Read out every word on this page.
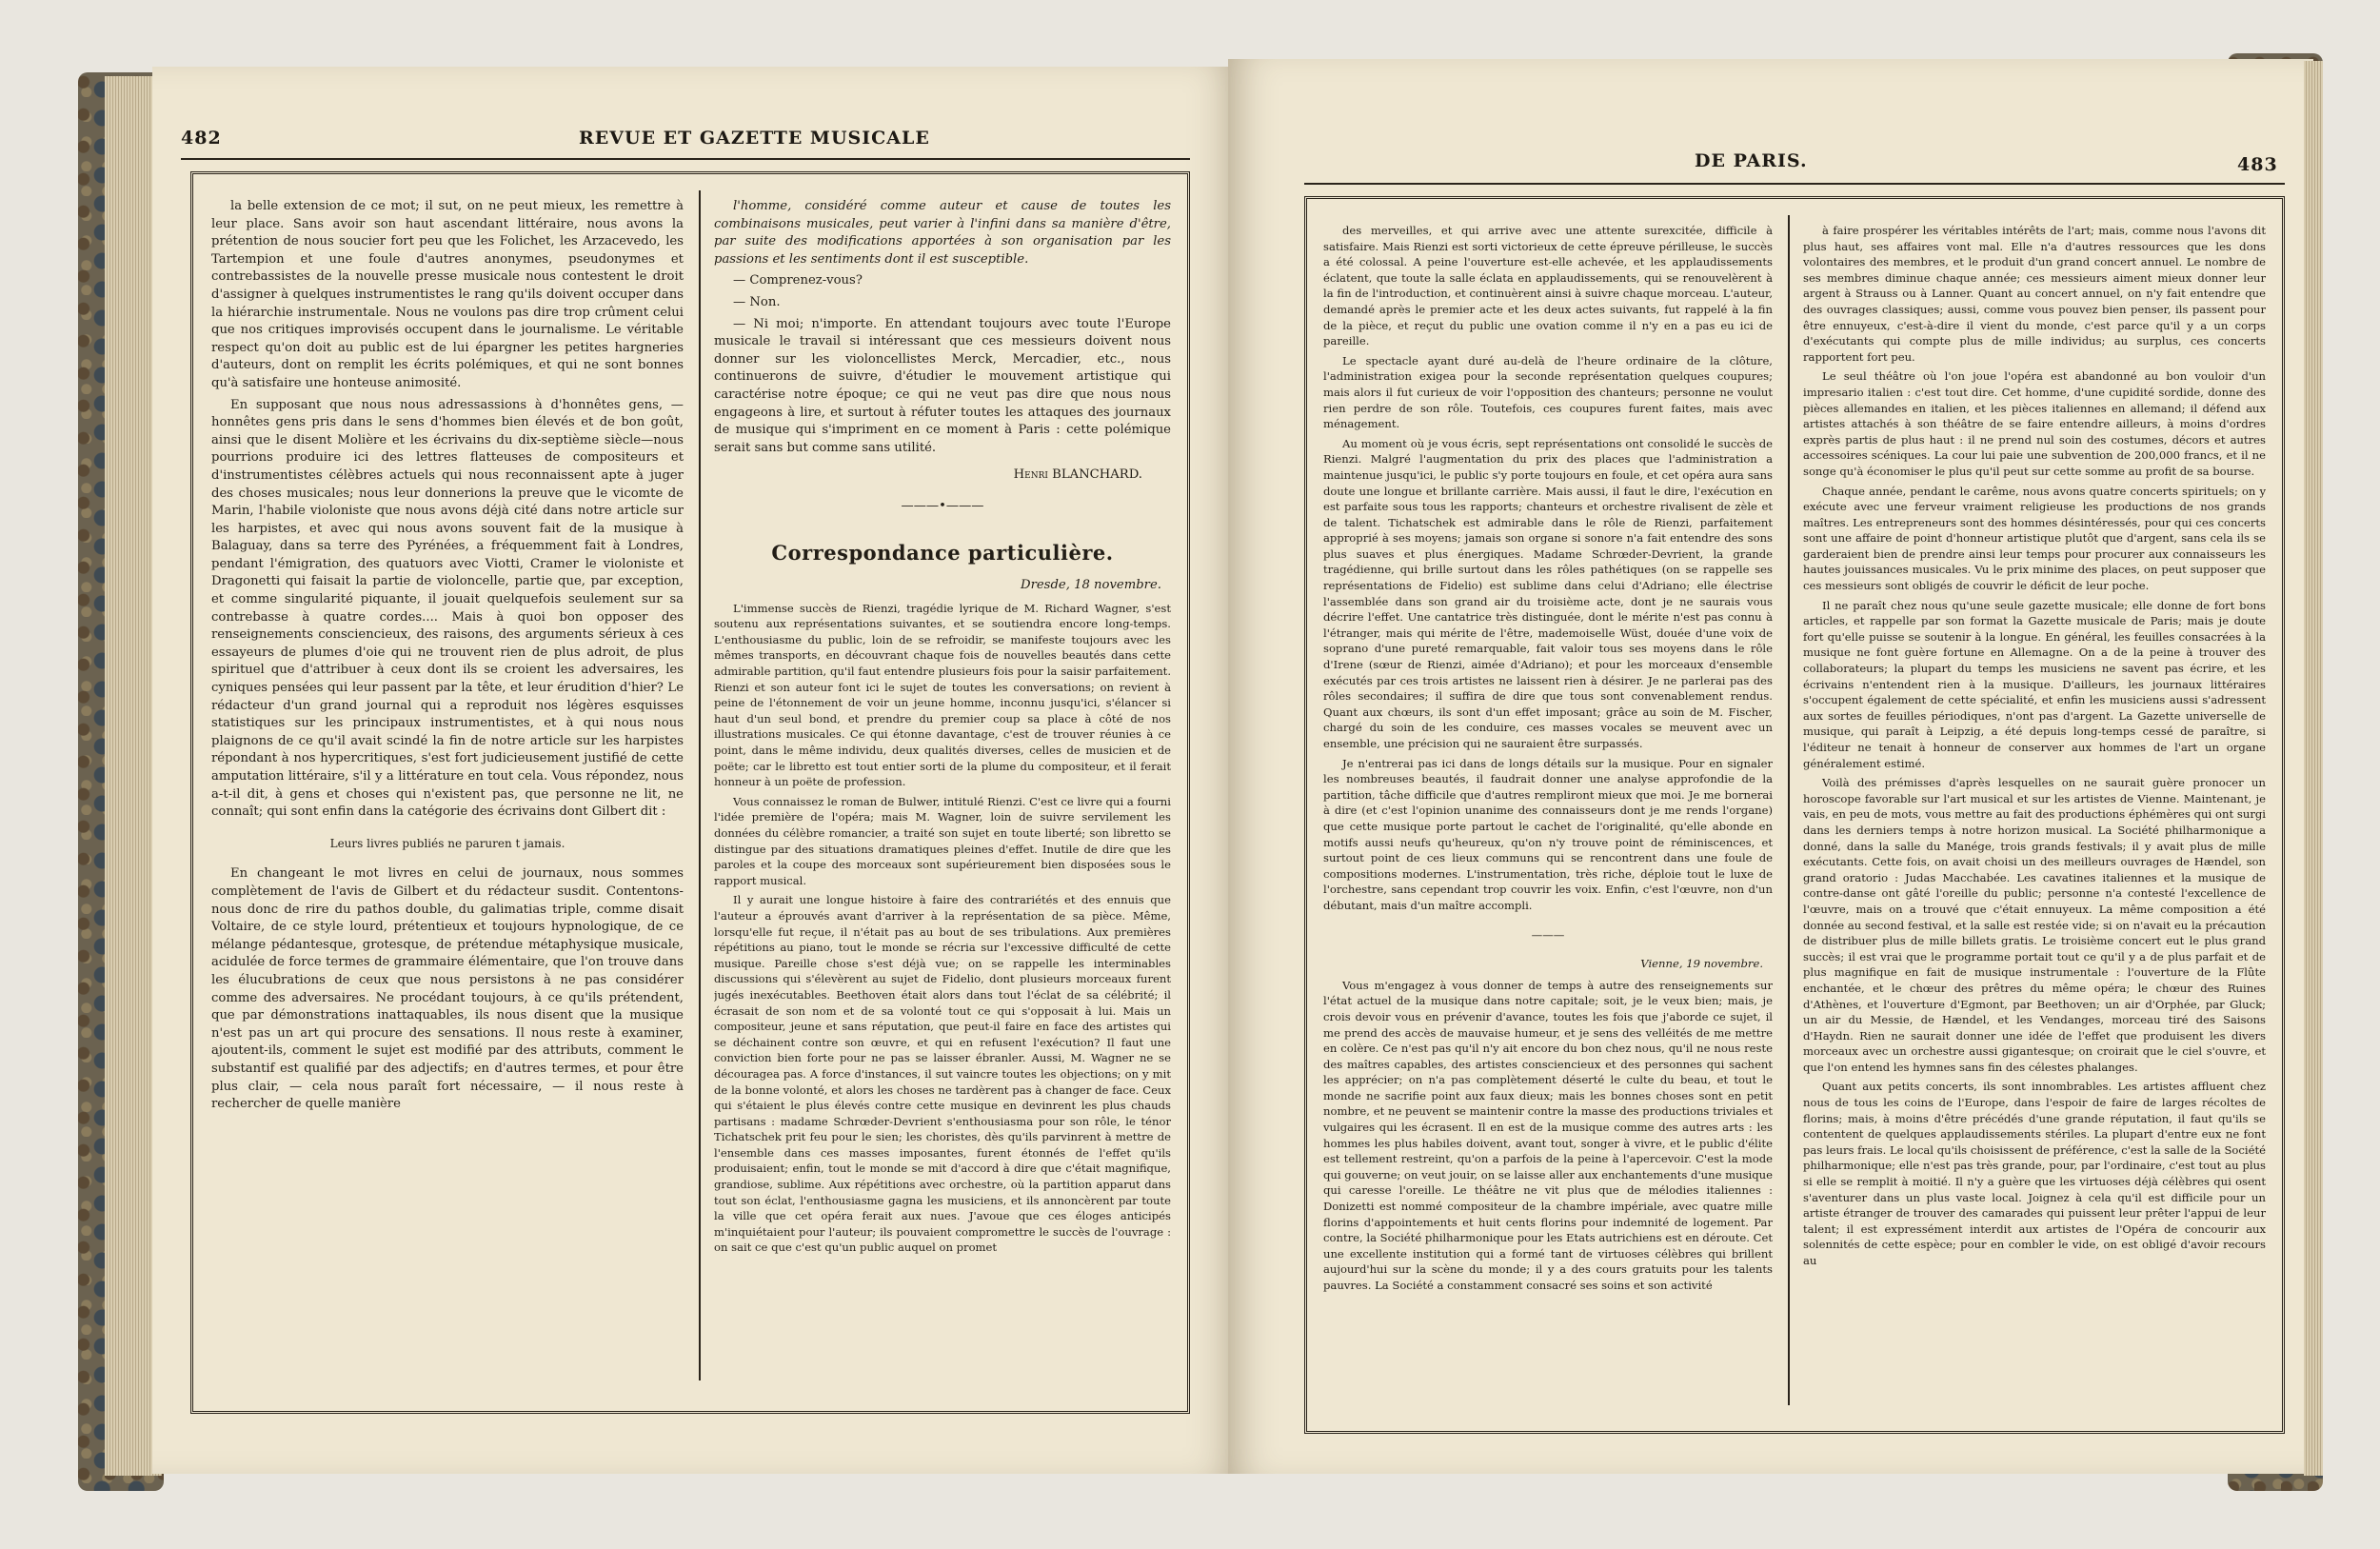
482	REVUE ET GAZETTE MUSICALE

la belle extension de ce mot; il sut, on ne peut mieux, les remettre à leur place. Sans avoir son haut ascendant littéraire, nous avons la prétention de nous soucier fort peu que les Folichet, les Arzacevedo, les Tartempion et une foule d'autres anonymes, pseudonymes et contrebassistes de la nouvelle presse musicale nous contestent le droit d'assigner à quelques instrumentistes le rang qu'ils doivent occuper dans la hiérarchie instrumentale. Nous ne voulons pas dire trop crûment celui que nos critiques improvisés occupent dans le journalisme. Le véritable respect qu'on doit au public est de lui épargner les petites hargneries d'auteurs, dont on remplit les écrits polémiques, et qui ne sont bonnes qu'à satisfaire une honteuse animosité.

En supposant que nous nous adressassions à d'honnêtes gens, — honnêtes gens pris dans le sens d'hommes bien élevés et de bon goût, ainsi que le disent Molière et les écrivains du dix-septième siècle—nous pourrions produire ici des lettres flatteuses de compositeurs et d'instrumentistes célèbres actuels qui nous reconnaissent apte à juger des choses musicales; nous leur donnerions la preuve que le vicomte de Marin, l'habile violoniste que nous avons déjà cité dans notre article sur les harpistes, et avec qui nous avons souvent fait de la musique à Balaguay, dans sa terre des Pyrénées, a fréquemment fait à Londres, pendant l'émigration, des quatuors avec Viotti, Cramer le violoniste et Dragonetti qui faisait la partie de violoncelle, partie que, par exception, et comme singularité piquante, il jouait quelquefois seulement sur sa contrebasse à quatre cordes.... Mais à quoi bon opposer des renseignements consciencieux, des raisons, des arguments sérieux à ces essayeurs de plumes d'oie qui ne trouvent rien de plus adroit, de plus spirituel que d'attribuer à ceux dont ils se croient les adversaires, les cyniques pensées qui leur passent par la tête, et leur érudition d'hier? Le rédacteur d'un grand journal qui a reproduit nos légères esquisses statistiques sur les principaux instrumentistes, et à qui nous nous plaignons de ce qu'il avait scindé la fin de notre article sur les harpistes répondant à nos hypercritiques, s'est fort judicieusement justifié de cette amputation littéraire, s'il y a littérature en tout cela. Vous répondez, nous a-t-il dit, à gens et choses qui n'existent pas, que personne ne lit, ne connaît; qui sont enfin dans la catégorie des écrivains dont Gilbert dit :

Leurs livres publiés ne paruren t jamais.

En changeant le mot livres en celui de journaux, nous sommes complètement de l'avis de Gilbert et du rédacteur susdit. Contentons-nous donc de rire du pathos double, du galimatias triple, comme disait Voltaire, de ce style lourd, prétentieux et toujours hypnologique, de ce mélange pédantesque, grotesque, de prétendue métaphysique musicale, acidulée de force termes de grammaire élémentaire, que l'on trouve dans les élucubrations de ceux que nous persistons à ne pas considérer comme des adversaires. Ne procédant toujours, à ce qu'ils prétendent, que par démonstrations inattaquables, ils nous disent que la musique n'est pas un art qui procure des sensations. Il nous reste à examiner, ajoutent-ils, comment le sujet est modifié par des attributs, comment le substantif est qualifié par des adjectifs; en d'autres termes, et pour être plus clair, — cela nous paraît fort nécessaire, — il nous reste à rechercher de quelle manière

l'homme, considéré comme auteur et cause de toutes les combinaisons musicales, peut varier à l'infini dans sa manière d'être, par suite des modifications apportées à son organisation par les passions et les sentiments dont il est susceptible.

— Comprenez-vous?

— Non.

— Ni moi; n'importe. En attendant toujours avec toute l'Europe musicale le travail si intéressant que ces messieurs doivent nous donner sur les violoncellistes Merck, Mercadier, etc., nous continuerons de suivre, d'étudier le mouvement artistique qui caractérise notre époque; ce qui ne veut pas dire que nous nous engageons à lire, et surtout à réfuter toutes les attaques des journaux de musique qui s'impriment en ce moment à Paris : cette polémique serait sans but comme sans utilité.

Henri BLANCHARD.
———•———
Correspondance particulière.
Dresde, 18 novembre.

L'immense succès de Rienzi, tragédie lyrique de M. Richard Wagner, s'est soutenu aux représentations suivantes, et se soutiendra encore long-temps. L'enthousiasme du public, loin de se refroidir, se manifeste toujours avec les mêmes transports, en découvrant chaque fois de nouvelles beautés dans cette admirable partition, qu'il faut entendre plusieurs fois pour la saisir parfaitement. Rienzi et son auteur font ici le sujet de toutes les conversations; on revient à peine de l'étonnement de voir un jeune homme, inconnu jusqu'ici, s'élancer si haut d'un seul bond, et prendre du premier coup sa place à côté de nos illustrations musicales. Ce qui étonne davantage, c'est de trouver réunies à ce point, dans le même individu, deux qualités diverses, celles de musicien et de poëte; car le libretto est tout entier sorti de la plume du compositeur, et il ferait honneur à un poëte de profession.

Vous connaissez le roman de Bulwer, intitulé Rienzi. C'est ce livre qui a fourni l'idée première de l'opéra; mais M. Wagner, loin de suivre servilement les données du célèbre romancier, a traité son sujet en toute liberté; son libretto se distingue par des situations dramatiques pleines d'effet. Inutile de dire que les paroles et la coupe des morceaux sont supérieurement bien disposées sous le rapport musical.

Il y aurait une longue histoire à faire des contrariétés et des ennuis que l'auteur a éprouvés avant d'arriver à la représentation de sa pièce. Même, lorsqu'elle fut reçue, il n'était pas au bout de ses tribulations. Aux premières répétitions au piano, tout le monde se récria sur l'excessive difficulté de cette musique. Pareille chose s'est déjà vue; on se rappelle les interminables discussions qui s'élevèrent au sujet de Fidelio, dont plusieurs morceaux furent jugés inexécutables. Beethoven était alors dans tout l'éclat de sa célébrité; il écrasait de son nom et de sa volonté tout ce qui s'opposait à lui. Mais un compositeur, jeune et sans réputation, que peut-il faire en face des artistes qui se déchainent contre son œuvre, et qui en refusent l'exécution? Il faut une conviction bien forte pour ne pas se laisser ébranler. Aussi, M. Wagner ne se découragea pas. A force d'instances, il sut vaincre toutes les objections; on y mit de la bonne volonté, et alors les choses ne tardèrent pas à changer de face. Ceux qui s'étaient le plus élevés contre cette musique en devinrent les plus chauds partisans : madame Schrœder-Devrient s'enthousiasma pour son rôle, le ténor Tichatschek prit feu pour le sien; les choristes, dès qu'ils parvinrent à mettre de l'ensemble dans ces masses imposantes, furent étonnés de l'effet qu'ils produisaient; enfin, tout le monde se mit d'accord à dire que c'était magnifique, grandiose, sublime. Aux répétitions avec orchestre, où la partition apparut dans tout son éclat, l'enthousiasme gagna les musiciens, et ils annoncèrent par toute la ville que cet opéra ferait aux nues. J'avoue que ces éloges anticipés m'inquiétaient pour l'auteur; ils pouvaient compromettre le succès de l'ouvrage : on sait ce que c'est qu'un public auquel on promet

DE PARIS.	483

des merveilles, et qui arrive avec une attente surexcitée, difficile à satisfaire. Mais Rienzi est sorti victorieux de cette épreuve périlleuse, le succès a été colossal. A peine l'ouverture est-elle achevée, et les applaudissements éclatent, que toute la salle éclata en applaudissements, qui se renouvelèrent à la fin de l'introduction, et continuèrent ainsi à suivre chaque morceau. L'auteur, demandé après le premier acte et les deux actes suivants, fut rappelé à la fin de la pièce, et reçut du public une ovation comme il n'y en a pas eu ici de pareille.

Le spectacle ayant duré au-delà de l'heure ordinaire de la clôture, l'administration exigea pour la seconde représentation quelques coupures; mais alors il fut curieux de voir l'opposition des chanteurs; personne ne voulut rien perdre de son rôle. Toutefois, ces coupures furent faites, mais avec ménagement.

Au moment où je vous écris, sept représentations ont consolidé le succès de Rienzi. Malgré l'augmentation du prix des places que l'administration a maintenue jusqu'ici, le public s'y porte toujours en foule, et cet opéra aura sans doute une longue et brillante carrière. Mais aussi, il faut le dire, l'exécution en est parfaite sous tous les rapports; chanteurs et orchestre rivalisent de zèle et de talent. Tichatschek est admirable dans le rôle de Rienzi, parfaitement approprié à ses moyens; jamais son organe si sonore n'a fait entendre des sons plus suaves et plus énergiques. Madame Schrœder-Devrient, la grande tragédienne, qui brille surtout dans les rôles pathétiques (on se rappelle ses représentations de Fidelio) est sublime dans celui d'Adriano; elle électrise l'assemblée dans son grand air du troisième acte, dont je ne saurais vous décrire l'effet. Une cantatrice très distinguée, dont le mérite n'est pas connu à l'étranger, mais qui mérite de l'être, mademoiselle Wüst, douée d'une voix de soprano d'une pureté remarquable, fait valoir tous ses moyens dans le rôle d'Irene (sœur de Rienzi, aimée d'Adriano); et pour les morceaux d'ensemble exécutés par ces trois artistes ne laissent rien à désirer. Je ne parlerai pas des rôles secondaires; il suffira de dire que tous sont convenablement rendus. Quant aux chœurs, ils sont d'un effet imposant; grâce au soin de M. Fischer, chargé du soin de les conduire, ces masses vocales se meuvent avec un ensemble, une précision qui ne sauraient être surpassés.

Je n'entrerai pas ici dans de longs détails sur la musique. Pour en signaler les nombreuses beautés, il faudrait donner une analyse approfondie de la partition, tâche difficile que d'autres rempliront mieux que moi. Je me bornerai à dire (et c'est l'opinion unanime des connaisseurs dont je me rends l'organe) que cette musique porte partout le cachet de l'originalité, qu'elle abonde en motifs aussi neufs qu'heureux, qu'on n'y trouve point de réminiscences, et surtout point de ces lieux communs qui se rencontrent dans une foule de compositions modernes. L'instrumentation, très riche, déploie tout le luxe de l'orchestre, sans cependant trop couvrir les voix. Enfin, c'est l'œuvre, non d'un débutant, mais d'un maître accompli.

———
Vienne, 19 novembre.

Vous m'engagez à vous donner de temps à autre des renseignements sur l'état actuel de la musique dans notre capitale; soit, je le veux bien; mais, je crois devoir vous en prévenir d'avance, toutes les fois que j'aborde ce sujet, il me prend des accès de mauvaise humeur, et je sens des velléités de me mettre en colère. Ce n'est pas qu'il n'y ait encore du bon chez nous, qu'il ne nous reste des maîtres capables, des artistes consciencieux et des personnes qui sachent les apprécier; on n'a pas complètement déserté le culte du beau, et tout le monde ne sacrifie point aux faux dieux; mais les bonnes choses sont en petit nombre, et ne peuvent se maintenir contre la masse des productions triviales et vulgaires qui les écrasent. Il en est de la musique comme des autres arts : les hommes les plus habiles doivent, avant tout, songer à vivre, et le public d'élite est tellement restreint, qu'on a parfois de la peine à l'apercevoir. C'est la mode qui gouverne; on veut jouir, on se laisse aller aux enchantements d'une musique qui caresse l'oreille. Le théâtre ne vit plus que de mélodies italiennes : Donizetti est nommé compositeur de la chambre impériale, avec quatre mille florins d'appointements et huit cents florins pour indemnité de logement. Par contre, la Société philharmonique pour les Etats autrichiens est en déroute. Cet une excellente institution qui a formé tant de virtuoses célèbres qui brillent aujourd'hui sur la scène du monde; il y a des cours gratuits pour les talents pauvres. La Société a constamment consacré ses soins et son activité

à faire prospérer les véritables intérêts de l'art; mais, comme nous l'avons dit plus haut, ses affaires vont mal. Elle n'a d'autres ressources que les dons volontaires des membres, et le produit d'un grand concert annuel. Le nombre de ses membres diminue chaque année; ces messieurs aiment mieux donner leur argent à Strauss ou à Lanner. Quant au concert annuel, on n'y fait entendre que des ouvrages classiques; aussi, comme vous pouvez bien penser, ils passent pour être ennuyeux, c'est-à-dire il vient du monde, c'est parce qu'il y a un corps d'exécutants qui compte plus de mille individus; au surplus, ces concerts rapportent fort peu.

Le seul théâtre où l'on joue l'opéra est abandonné au bon vouloir d'un impresario italien : c'est tout dire. Cet homme, d'une cupidité sordide, donne des pièces allemandes en italien, et les pièces italiennes en allemand; il défend aux artistes attachés à son théâtre de se faire entendre ailleurs, à moins d'ordres exprès partis de plus haut : il ne prend nul soin des costumes, décors et autres accessoires scéniques. La cour lui paie une subvention de 200,000 francs, et il ne songe qu'à économiser le plus qu'il peut sur cette somme au profit de sa bourse.

Chaque année, pendant le carême, nous avons quatre concerts spirituels; on y exécute avec une ferveur vraiment religieuse les productions de nos grands maîtres. Les entrepreneurs sont des hommes désintéressés, pour qui ces concerts sont une affaire de point d'honneur artistique plutôt que d'argent, sans cela ils se garderaient bien de prendre ainsi leur temps pour procurer aux connaisseurs les hautes jouissances musicales. Vu le prix minime des places, on peut supposer que ces messieurs sont obligés de couvrir le déficit de leur poche.

Il ne paraît chez nous qu'une seule gazette musicale; elle donne de fort bons articles, et rappelle par son format la Gazette musicale de Paris; mais je doute fort qu'elle puisse se soutenir à la longue. En général, les feuilles consacrées à la musique ne font guère fortune en Allemagne. On a de la peine à trouver des collaborateurs; la plupart du temps les musiciens ne savent pas écrire, et les écrivains n'entendent rien à la musique. D'ailleurs, les journaux littéraires s'occupent également de cette spécialité, et enfin les musiciens aussi s'adressent aux sortes de feuilles périodiques, n'ont pas d'argent. La Gazette universelle de musique, qui paraît à Leipzig, a été depuis long-temps cessé de paraître, si l'éditeur ne tenait à honneur de conserver aux hommes de l'art un organe généralement estimé.

Voilà des prémisses d'après lesquelles on ne saurait guère pronocer un horoscope favorable sur l'art musical et sur les artistes de Vienne. Maintenant, je vais, en peu de mots, vous mettre au fait des productions éphémères qui ont surgi dans les derniers temps à notre horizon musical. La Société philharmonique a donné, dans la salle du Manége, trois grands festivals; il y avait plus de mille exécutants. Cette fois, on avait choisi un des meilleurs ouvrages de Hændel, son grand oratorio : Judas Macchabée. Les cavatines italiennes et la musique de contre-danse ont gâté l'oreille du public; personne n'a contesté l'excellence de l'œuvre, mais on a trouvé que c'était ennuyeux. La même composition a été donnée au second festival, et la salle est restée vide; si on n'avait eu la précaution de distribuer plus de mille billets gratis. Le troisième concert eut le plus grand succès; il est vrai que le programme portait tout ce qu'il y a de plus parfait et de plus magnifique en fait de musique instrumentale : l'ouverture de la Flûte enchantée, et le chœur des prêtres du même opéra; le chœur des Ruines d'Athènes, et l'ouverture d'Egmont, par Beethoven; un air d'Orphée, par Gluck; un air du Messie, de Hændel, et les Vendanges, morceau tiré des Saisons d'Haydn. Rien ne saurait donner une idée de l'effet que produisent les divers morceaux avec un orchestre aussi gigantesque; on croirait que le ciel s'ouvre, et que l'on entend les hymnes sans fin des célestes phalanges.

Quant aux petits concerts, ils sont innombrables. Les artistes affluent chez nous de tous les coins de l'Europe, dans l'espoir de faire de larges récoltes de florins; mais, à moins d'être précédés d'une grande réputation, il faut qu'ils se contentent de quelques applaudissements stériles. La plupart d'entre eux ne font pas leurs frais. Le local qu'ils choisissent de préférence, c'est la salle de la Société philharmonique; elle n'est pas très grande, pour, par l'ordinaire, c'est tout au plus si elle se remplit à moitié. Il n'y a guère que les virtuoses déjà célèbres qui osent s'aventurer dans un plus vaste local. Joignez à cela qu'il est difficile pour un artiste étranger de trouver des camarades qui puissent leur prêter l'appui de leur talent; il est expressément interdit aux artistes de l'Opéra de concourir aux solennités de cette espèce; pour en combler le vide, on est obligé d'avoir recours au
